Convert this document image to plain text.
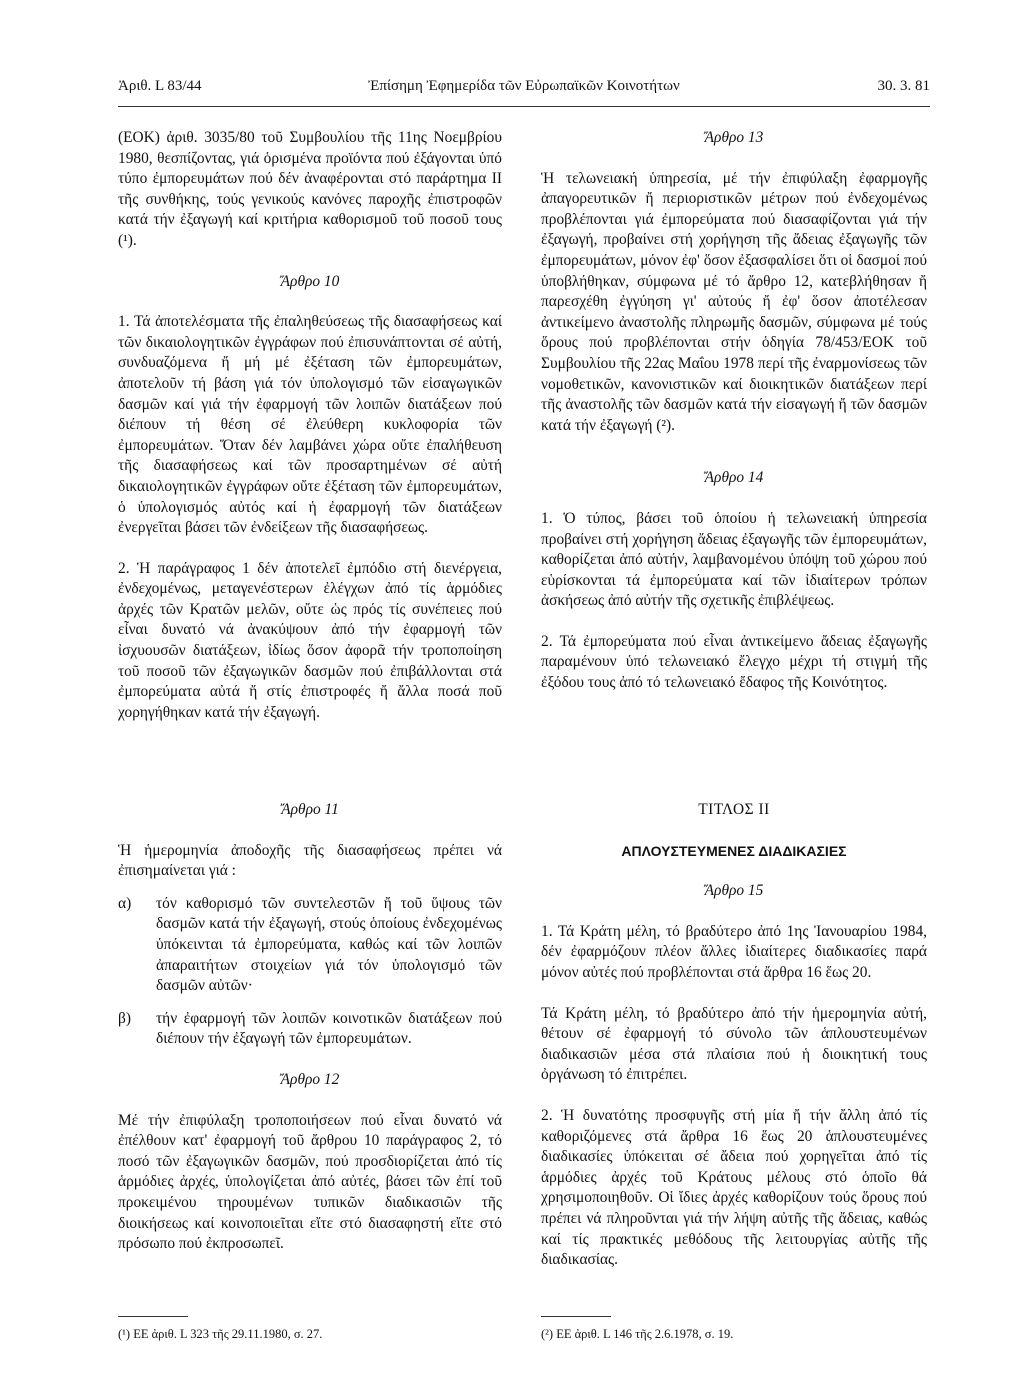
Ἀριθ. L 83/44	Ἐπίσημη Ἐφημερίδα τῶν Εὐρωπαϊκῶν Κοινοτήτων	30. 3. 81

(ΕΟΚ) ἀριθ. 3035/80 τοῦ Συμβουλίου τῆς 11ης Νοεμβρίου 1980, θεσπίζοντας, γιά ὁρισμένα προϊόντα πού ἐξάγονται ὑπό τύπο ἐμπορευμάτων πού δέν ἀναφέρονται στό παράρτημα II τῆς συνθήκης, τούς γενικούς κανόνες παροχῆς ἐπιστροφῶν κατά τήν ἐξαγωγή καί κριτήρια καθορισμοῦ τοῦ ποσοῦ τους (¹).

Ἄρθρο 10

1. Τά ἀποτελέσματα τῆς ἐπαληθεύσεως τῆς διασαφήσεως καί τῶν δικαιολογητικῶν ἐγγράφων πού ἐπισυνάπτονται σέ αὐτή, συνδυαζόμενα ἤ μή μέ ἐξέταση τῶν ἐμπορευμάτων, ἀποτελοῦν τή βάση γιά τόν ὑπολογισμό τῶν εἰσαγωγικῶν δασμῶν καί γιά τήν ἐφαρμογή τῶν λοιπῶν διατάξεων πού διέπουν τή θέση σέ ἐλεύθερη κυκλοφορία τῶν ἐμπορευμάτων. Ὅταν δέν λαμβάνει χώρα οὔτε ἐπαλήθευση τῆς διασαφήσεως καί τῶν προσαρτημένων σέ αὐτή δικαιολογητικῶν ἐγγράφων οὔτε ἐξέταση τῶν ἐμπορευμάτων, ὁ ὑπολογισμός αὐτός καί ἡ ἐφαρμογή τῶν διατάξεων ἐνεργεῖται βάσει τῶν ἐνδείξεων τῆς διασαφήσεως.

2. Ἡ παράγραφος 1 δέν ἀποτελεῖ ἐμπόδιο στή διενέργεια, ἐνδεχομένως, μεταγενέστερων ἐλέγχων ἀπό τίς ἁρμόδιες ἀρχές τῶν Κρατῶν μελῶν, οὔτε ὡς πρός τίς συνέπειες πού εἶναι δυνατό νά ἀνακύψουν ἀπό τήν ἐφαρμογή τῶν ἰσχυουσῶν διατάξεων, ἰδίως ὅσον ἀφορᾶ τήν τροποποίηση τοῦ ποσοῦ τῶν ἐξαγωγικῶν δασμῶν πού ἐπιβάλλονται στά ἐμπορεύματα αὐτά ἤ στίς ἐπιστροφές ἤ ἄλλα ποσά ποῦ χορηγήθηκαν κατά τήν ἐξαγωγή.

Ἄρθρο 13

Ἡ τελωνειακή ὑπηρεσία, μέ τήν ἐπιφύλαξη ἐφαρμογῆς ἀπαγορευτικῶν ἤ περιοριστικῶν μέτρων πού ἐνδεχομένως προβλέπονται γιά ἐμπορεύματα πού διασαφίζονται γιά τήν ἐξαγωγή, προβαίνει στή χορήγηση τῆς ἄδειας ἐξαγωγῆς τῶν ἐμπορευμάτων, μόνον ἐφ' ὅσον ἐξασφαλίσει ὅτι οἱ δασμοί πού ὑποβλήθηκαν, σύμφωνα μέ τό ἄρθρο 12, κατεβλήθησαν ἤ παρεσχέθη ἐγγύηση γι' αὐτούς ἤ ἐφ' ὅσον ἀποτέλεσαν ἀντικείμενο ἀναστολῆς πληρωμῆς δασμῶν, σύμφωνα μέ τούς ὅρους πού προβλέπονται στήν ὁδηγία 78/453/ΕΟΚ τοῦ Συμβουλίου τῆς 22ας Μαΐου 1978 περί τῆς ἐναρμονίσεως τῶν νομοθετικῶν, κανονιστικῶν καί διοικητικῶν διατάξεων περί τῆς ἀναστολῆς τῶν δασμῶν κατά τήν εἰσαγωγή ἤ τῶν δασμῶν κατά τήν ἐξαγωγή (²).

Ἄρθρο 14

1. Ὁ τύπος, βάσει τοῦ ὁποίου ἡ τελωνειακή ὑπηρεσία προβαίνει στή χορήγηση ἄδειας ἐξαγωγῆς τῶν ἐμπορευμάτων, καθορίζεται ἀπό αὐτήν, λαμβανομένου ὑπόψη τοῦ χώρου πού εὑρίσκονται τά ἐμπορεύματα καί τῶν ἰδιαίτερων τρόπων ἀσκήσεως ἀπό αὐτήν τῆς σχετικῆς ἐπιβλέψεως.

2. Τά ἐμπορεύματα πού εἶναι ἀντικείμενο ἄδειας ἐξαγωγῆς παραμένουν ὑπό τελωνειακό ἔλεγχο μέχρι τή στιγμή τῆς ἐξόδου τους ἀπό τό τελωνειακό ἔδαφος τῆς Κοινότητος.

Ἄρθρο 11

Ἡ ἡμερομηνία ἀποδοχῆς τῆς διασαφήσεως πρέπει νά ἐπισημαίνεται γιά :

α) τόν καθορισμό τῶν συντελεστῶν ἤ τοῦ ὕψους τῶν δασμῶν κατά τήν ἐξαγωγή, στούς ὁποίους ἐνδεχομένως ὑπόκεινται τά ἐμπορεύματα, καθώς καί τῶν λοιπῶν ἀπαραιτήτων στοιχείων γιά τόν ὑπολογισμό τῶν δασμῶν αὐτῶν·

β) τήν ἐφαρμογή τῶν λοιπῶν κοινοτικῶν διατάξεων πού διέπουν τήν ἐξαγωγή τῶν ἐμπορευμάτων.

Ἄρθρο 12

Μέ τήν ἐπιφύλαξη τροποποιήσεων πού εἶναι δυνατό νά ἐπέλθουν κατ' ἐφαρμογή τοῦ ἄρθρου 10 παράγραφος 2, τό ποσό τῶν ἐξαγωγικῶν δασμῶν, πού προσδιορίζεται ἀπό τίς ἁρμόδιες ἀρχές, ὑπολογίζεται ἀπό αὐτές, βάσει τῶν ἐπί τοῦ προκειμένου τηρουμένων τυπικῶν διαδικασιῶν τῆς διοικήσεως καί κοινοποιεῖται εἴτε στό διασαφηστή εἴτε στό πρόσωπο πού ἐκπροσωπεῖ.

ΤΙΤΛΟΣ II

ΑΠΛΟΥΣΤΕΥΜΕΝΕΣ ΔΙΑΔΙΚΑΣΙΕΣ

Ἄρθρο 15

1. Τά Κράτη μέλη, τό βραδύτερο ἀπό 1ης Ἰανουαρίου 1984, δέν ἐφαρμόζουν πλέον ἄλλες ἰδιαίτερες διαδικασίες παρά μόνον αὐτές πού προβλέπονται στά ἄρθρα 16 ἕως 20.

Τά Κράτη μέλη, τό βραδύτερο ἀπό τήν ἡμερομηνία αὐτή, θέτουν σέ ἐφαρμογή τό σύνολο τῶν ἁπλουστευμένων διαδικασιῶν μέσα στά πλαίσια πού ἡ διοικητική τους ὀργάνωση τό ἐπιτρέπει.

2. Ἡ δυνατότης προσφυγῆς στή μία ἤ τήν ἄλλη ἀπό τίς καθοριζόμενες στά ἄρθρα 16 ἕως 20 ἁπλουστευμένες διαδικασίες ὑπόκειται σέ ἄδεια πού χορηγεῖται ἀπό τίς ἁρμόδιες ἀρχές τοῦ Κράτους μέλους στό ὁποῖο θά χρησιμοποιηθοῦν. Οἱ ἴδιες ἀρχές καθορίζουν τούς ὅρους πού πρέπει νά πληροῦνται γιά τήν λήψη αὐτῆς τῆς ἄδειας, καθώς καί τίς πρακτικές μεθόδους τῆς λειτουργίας αὐτῆς τῆς διαδικασίας.

(¹) ΕΕ ἀριθ. L 323 τῆς 29.11.1980, σ. 27.	(²) ΕΕ ἀριθ. L 146 τῆς 2.6.1978, σ. 19.
